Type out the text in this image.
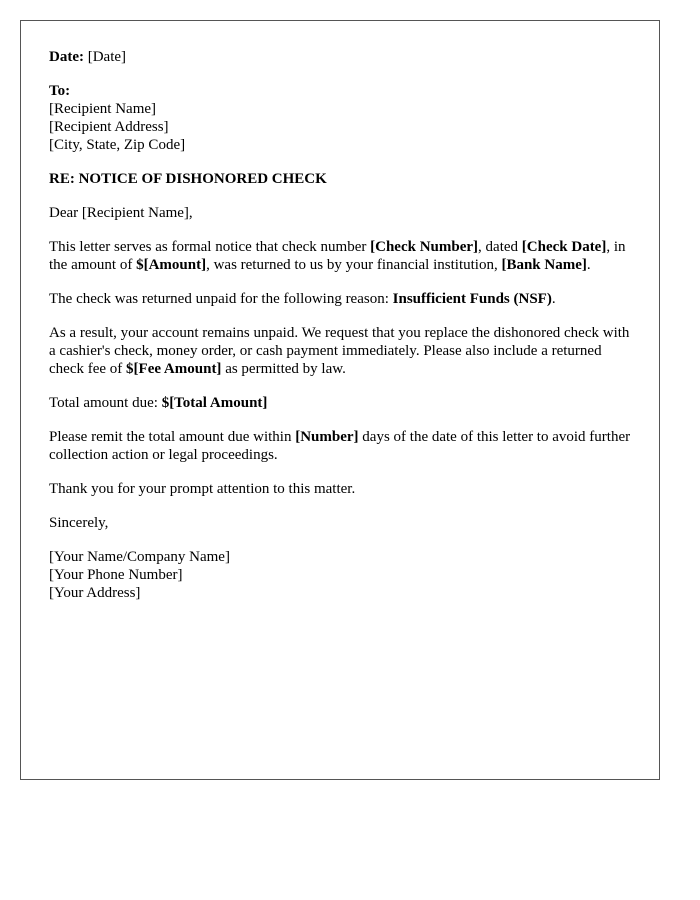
Date: [Date]

To:
[Recipient Name]
[Recipient Address]
[City, State, Zip Code]

RE: NOTICE OF DISHONORED CHECK

Dear [Recipient Name],

This letter serves as formal notice that check number [Check Number], dated [Check Date], in the amount of $[Amount], was returned to us by your financial institution, [Bank Name].

The check was returned unpaid for the following reason: Insufficient Funds (NSF).

As a result, your account remains unpaid. We request that you replace the dishonored check with a cashier's check, money order, or cash payment immediately. Please also include a returned check fee of $[Fee Amount] as permitted by law.

Total amount due: $[Total Amount]

Please remit the total amount due within [Number] days of the date of this letter to avoid further collection action or legal proceedings.

Thank you for your prompt attention to this matter.

Sincerely,

[Your Name/Company Name]
[Your Phone Number]
[Your Address]
